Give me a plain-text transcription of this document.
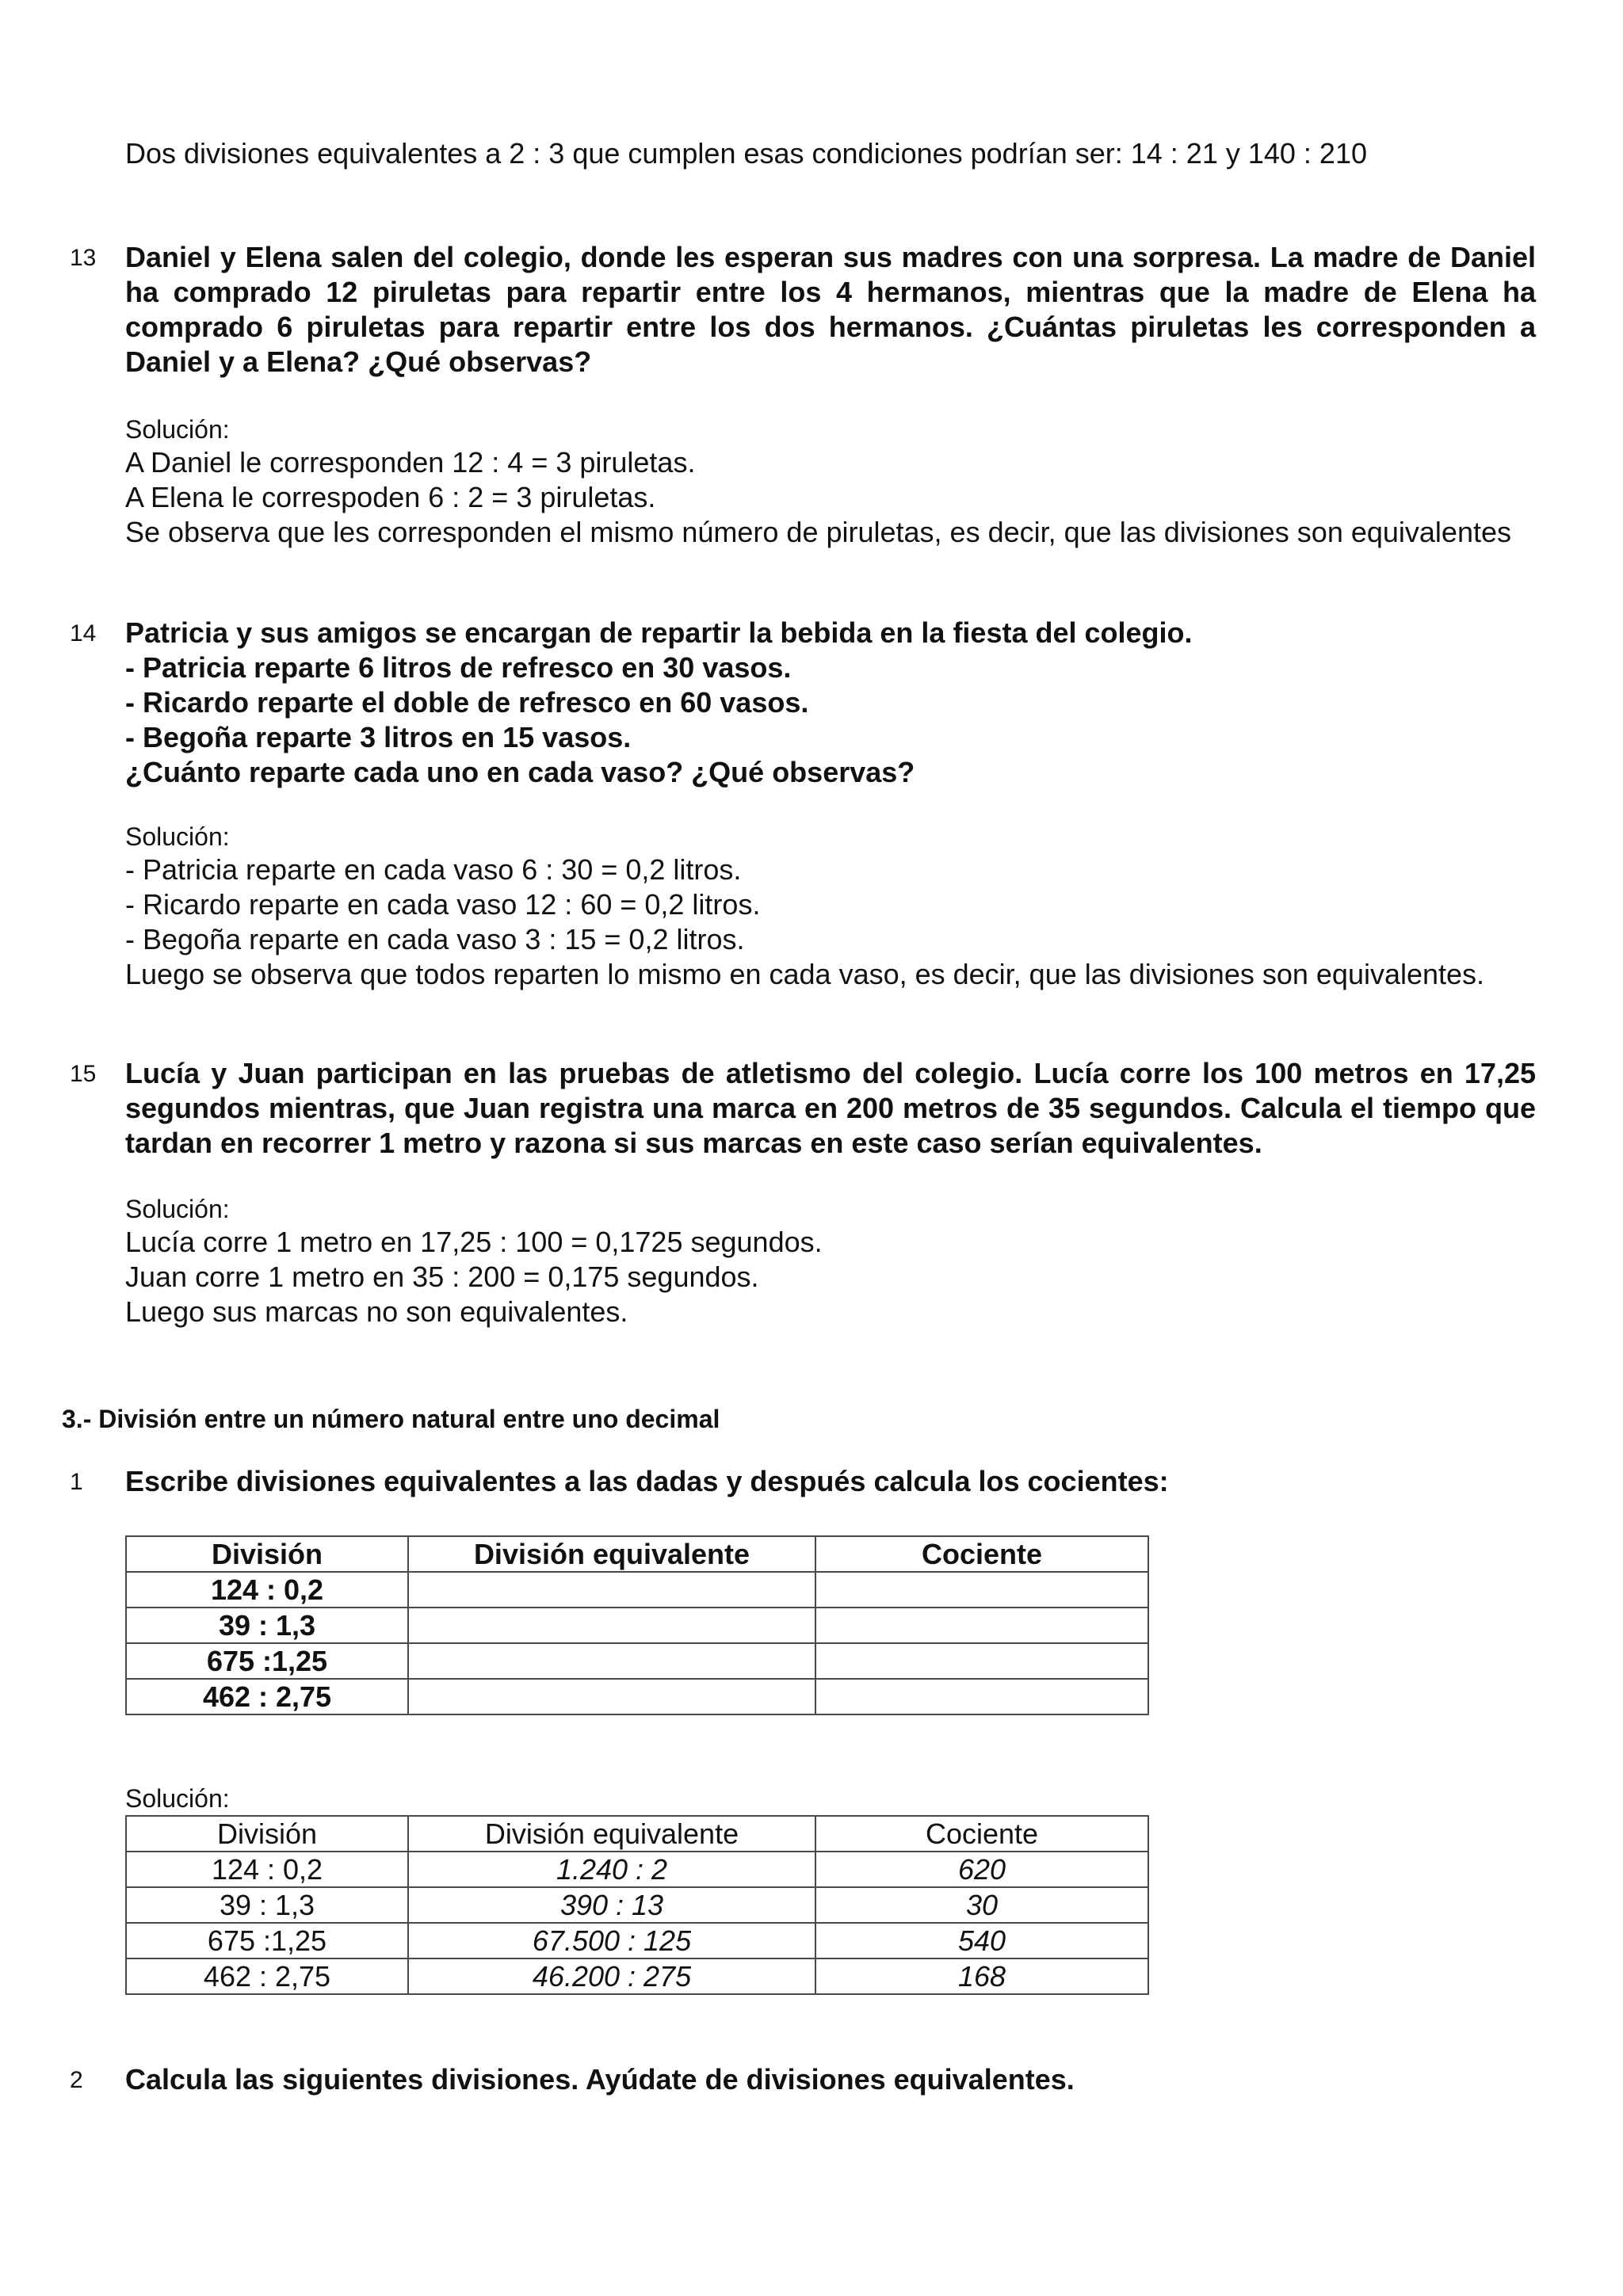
Dos divisiones equivalentes a 2 : 3 que cumplen esas condiciones podrían ser: 14 : 21 y 140 : 210

13 Daniel y Elena salen del colegio, donde les esperan sus madres con una sorpresa. La madre de Daniel ha comprado 12 piruletas para repartir entre los 4 hermanos, mientras que la madre de Elena ha comprado 6 piruletas para repartir entre los dos hermanos. ¿Cuántas piruletas les corresponden a Daniel y a Elena? ¿Qué observas?

Solución:
A Daniel le corresponden 12 : 4 = 3 piruletas.
A Elena le correspoden 6 : 2 = 3 piruletas.
Se observa que les corresponden el mismo número de piruletas, es decir, que las divisiones son equivalentes
14 Patricia y sus amigos se encargan de repartir la bebida en la fiesta del colegio.
- Patricia reparte 6 litros de refresco en 30 vasos.
- Ricardo reparte el doble de refresco en 60 vasos.
- Begoña reparte 3 litros en 15 vasos.
¿Cuánto reparte cada uno en cada vaso? ¿Qué observas?
Solución:
- Patricia reparte en cada vaso 6 : 30 = 0,2 litros.
- Ricardo reparte en cada vaso 12 : 60 = 0,2 litros.
- Begoña reparte en cada vaso 3 : 15 = 0,2 litros.
Luego se observa que todos reparten lo mismo en cada vaso, es decir, que las divisiones son equivalentes.
15 Lucía y Juan participan en las pruebas de atletismo del colegio. Lucía corre los 100 metros en 17,25 segundos mientras, que Juan registra una marca en 200 metros de 35 segundos. Calcula el tiempo que tardan en recorrer 1 metro y razona si sus marcas en este caso serían equivalentes.

Solución:
Lucía corre 1 metro en 17,25 : 100 = 0,1725 segundos.
Juan corre 1 metro en 35 : 200 = 0,175 segundos.
Luego sus marcas no son equivalentes.
3.- División entre un número natural entre uno decimal
1 Escribe divisiones equivalentes a las dadas y después calcula los cocientes:

División	División equivalente	Cociente
124 : 0,2		
39 : 1,3		
675 :1,25		
462 : 2,75		
Solución:
División	División equivalente	Cociente
124 : 0,2	1.240 : 2	620
39 : 1,3	390 : 13	30
675 :1,25	67.500 : 125	540
462 : 2,75	46.200 : 275	168
2 Calcula las siguientes divisiones. Ayúdate de divisiones equivalentes.
